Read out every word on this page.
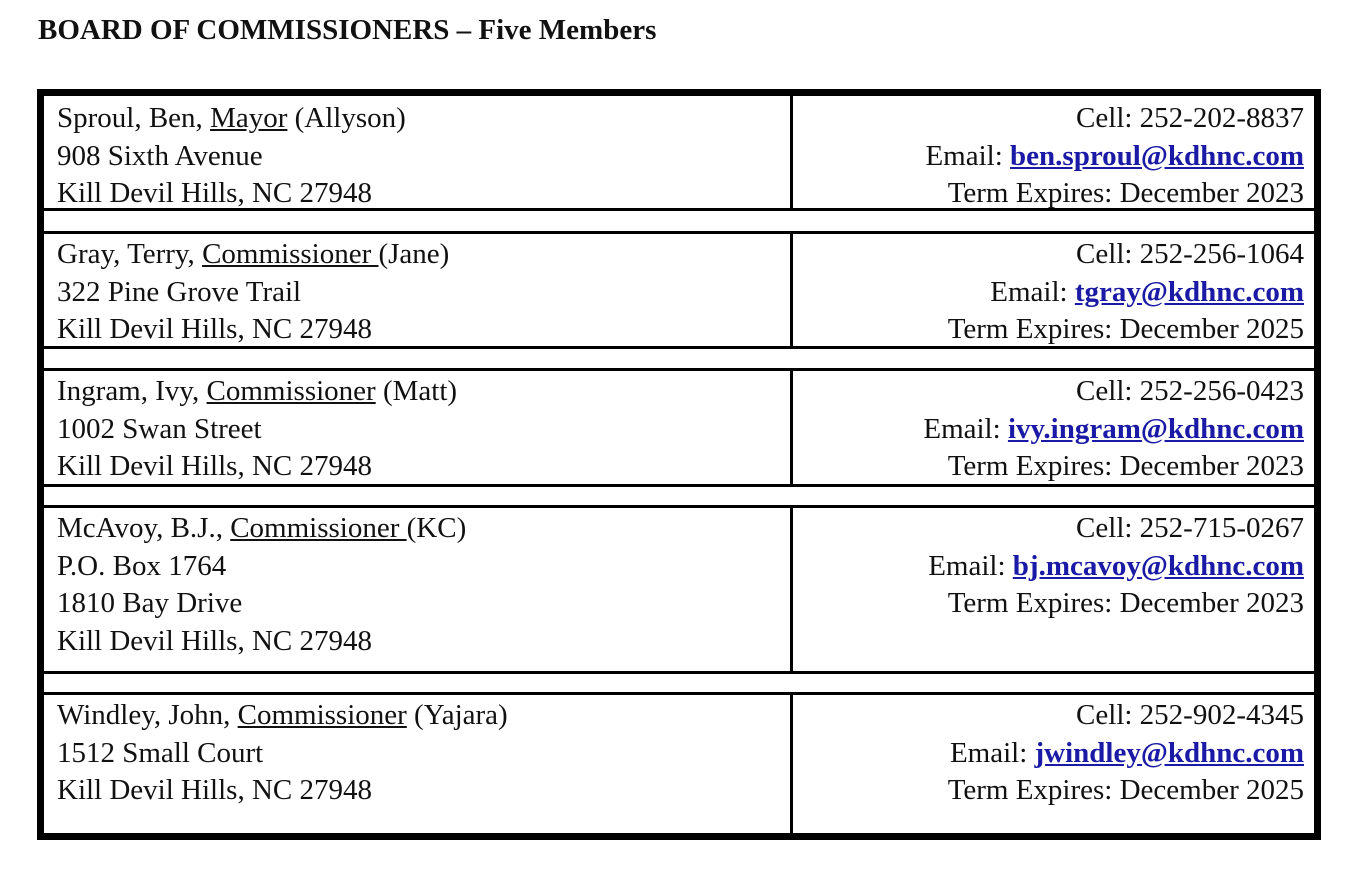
BOARD OF COMMISSIONERS – Five Members
Sproul, Ben, Mayor (Allyson)
908 Sixth Avenue
Kill Devil Hills, NC 27948
Cell: 252-202-8837
Email: ben.sproul@kdhnc.com
Term Expires: December 2023
Gray, Terry, Commissioner (Jane)
322 Pine Grove Trail
Kill Devil Hills, NC 27948
Cell: 252-256-1064
Email: tgray@kdhnc.com
Term Expires: December 2025
Ingram, Ivy, Commissioner (Matt)
1002 Swan Street
Kill Devil Hills, NC 27948
Cell: 252-256-0423
Email: ivy.ingram@kdhnc.com
Term Expires: December 2023
McAvoy, B.J., Commissioner (KC)
P.O. Box 1764
1810 Bay Drive
Kill Devil Hills, NC 27948
Cell: 252-715-0267
Email: bj.mcavoy@kdhnc.com
Term Expires: December 2023
Windley, John, Commissioner (Yajara)
1512 Small Court
Kill Devil Hills, NC 27948
Cell: 252-902-4345
Email: jwindley@kdhnc.com
Term Expires: December 2025
